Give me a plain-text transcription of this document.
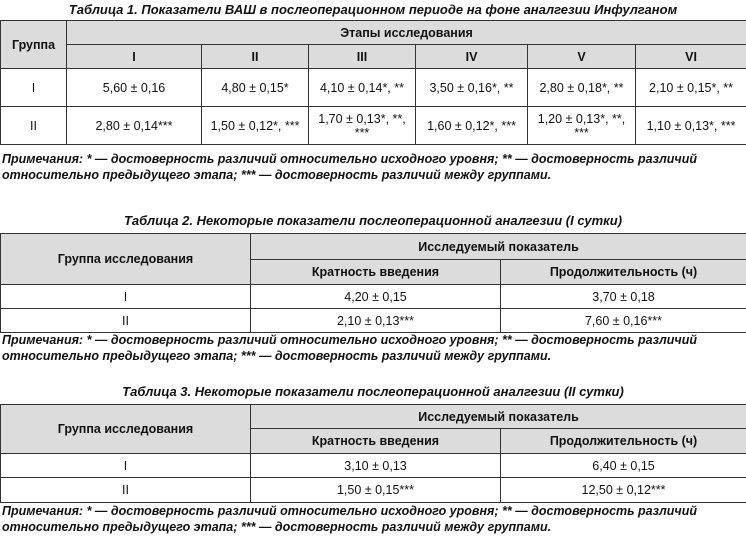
Таблица 1. Показатели ВАШ в послеоперационном периоде на фоне аналгезии Инфулганом

Группа	Этапы исследования					
	I	II	III	IV	V	VI
I	5,60 ± 0,16	4,80 ± 0,15*	4,10 ± 0,14*, **	3,50 ± 0,16*, **	2,80 ± 0,18*, **	2,10 ± 0,15*, **
II	2,80 ± 0,14***	1,50 ± 0,12*, ***	1,70 ± 0,13*, **, ***	1,60 ± 0,12*, ***	1,20 ± 0,13*, **, ***	1,10 ± 0,13*, ***

Примечания: * — достоверность различий относительно исходного уровня; ** — достоверность различий относительно предыдущего этапа; *** — достоверность различий между группами.

Таблица 2. Некоторые показатели послеоперационной аналгезии (I сутки)

Группа исследования	Исследуемый показатель	
	Кратность введения	Продолжительность (ч)
I	4,20 ± 0,15	3,70 ± 0,18
II	2,10 ± 0,13***	7,60 ± 0,16***

Примечания: * — достоверность различий относительно исходного уровня; ** — достоверность различий относительно предыдущего этапа; *** — достоверность различий между группами.

Таблица 3. Некоторые показатели послеоперационной аналгезии (II сутки)

Группа исследования	Исследуемый показатель	
	Кратность введения	Продолжительность (ч)
I	3,10 ± 0,13	6,40 ± 0,15
II	1,50 ± 0,15***	12,50 ± 0,12***

Примечания: * — достоверность различий относительно исходного уровня; ** — достоверность различий относительно предыдущего этапа; *** — достоверность различий между группами.
